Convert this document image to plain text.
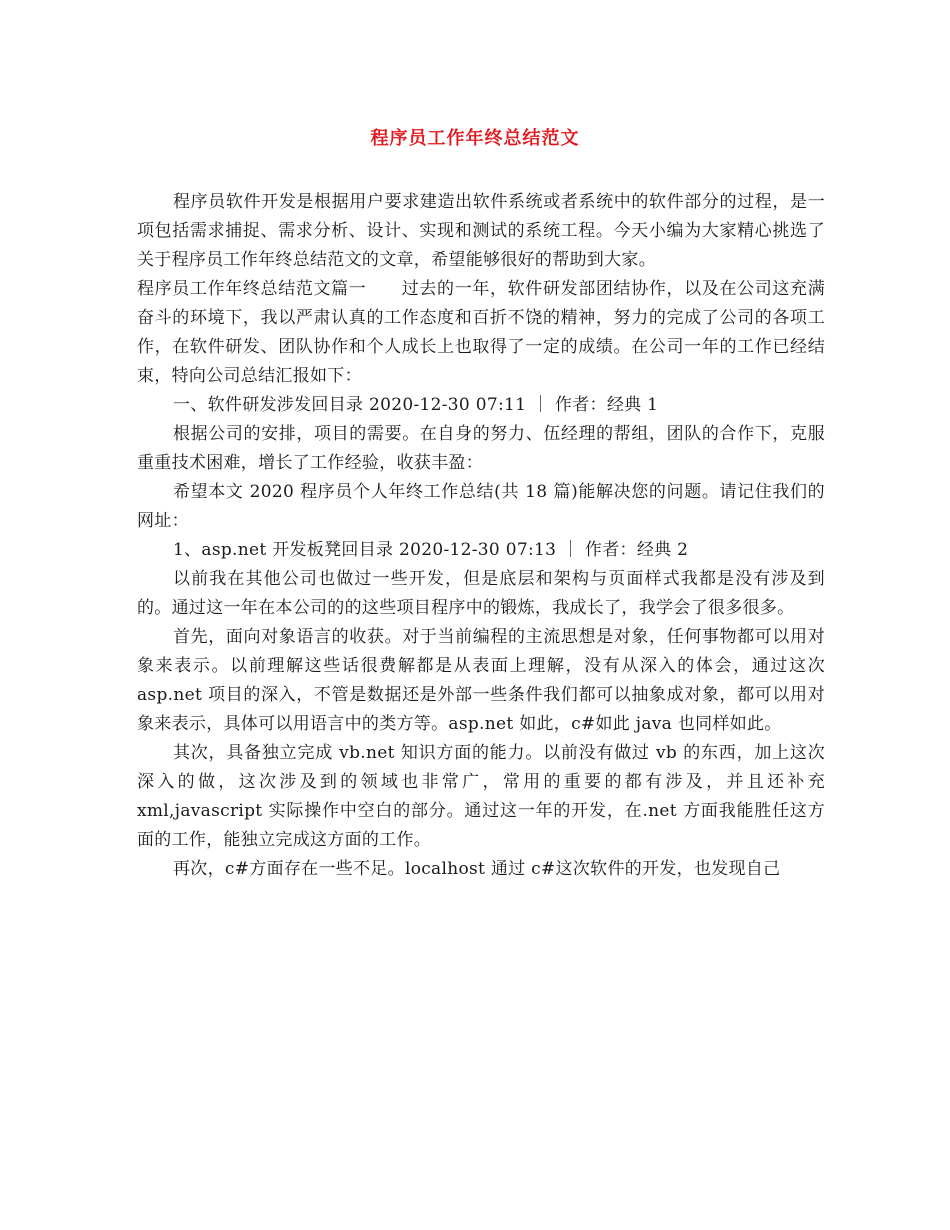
程序员工作年终总结范文

程序员软件开发是根据用户要求建造出软件系统或者系统中的软件部分的过程，是一项包括需求捕捉、需求分析、设计、实现和测试的系统工程。今天小编为大家精心挑选了关于程序员工作年终总结范文的文章，希望能够很好的帮助到大家。

程序员工作年终总结范文篇一　　过去的一年，软件研发部团结协作，以及在公司这充满奋斗的环境下，我以严肃认真的工作态度和百折不饶的精神，努力的完成了公司的各项工作，在软件研发、团队协作和个人成长上也取得了一定的成绩。在公司一年的工作已经结束，特向公司总结汇报如下：

一、软件研发涉发回目录 2020-12-30 07:11 ｜ 作者：经典 1

根据公司的安排，项目的需要。在自身的努力、伍经理的帮组，团队的合作下，克服重重技术困难，增长了工作经验，收获丰盈：

希望本文 2020 程序员个人年终工作总结(共 18 篇)能解决您的问题。请记住我们的网址：

1、asp.net 开发板凳回目录 2020-12-30 07:13 ｜ 作者：经典 2

以前我在其他公司也做过一些开发，但是底层和架构与页面样式我都是没有涉及到的。通过这一年在本公司的的这些项目程序中的锻炼，我成长了，我学会了很多很多。

首先，面向对象语言的收获。对于当前编程的主流思想是对象，任何事物都可以用对象来表示。以前理解这些话很费解都是从表面上理解，没有从深入的体会，通过这次 asp.net 项目的深入，不管是数据还是外部一些条件我们都可以抽象成对象，都可以用对象来表示，具体可以用语言中的类方等。asp.net 如此，c#如此 java 也同样如此。

其次，具备独立完成 vb.net 知识方面的能力。以前没有做过 vb 的东西，加上这次深入的做，这次涉及到的领域也非常广，常用的重要的都有涉及，并且还补充 xml,javascript 实际操作中空白的部分。通过这一年的开发，在.net 方面我能胜任这方面的工作，能独立完成这方面的工作。

再次，c#方面存在一些不足。localhost 通过 c#这次软件的开发，也发现自己
